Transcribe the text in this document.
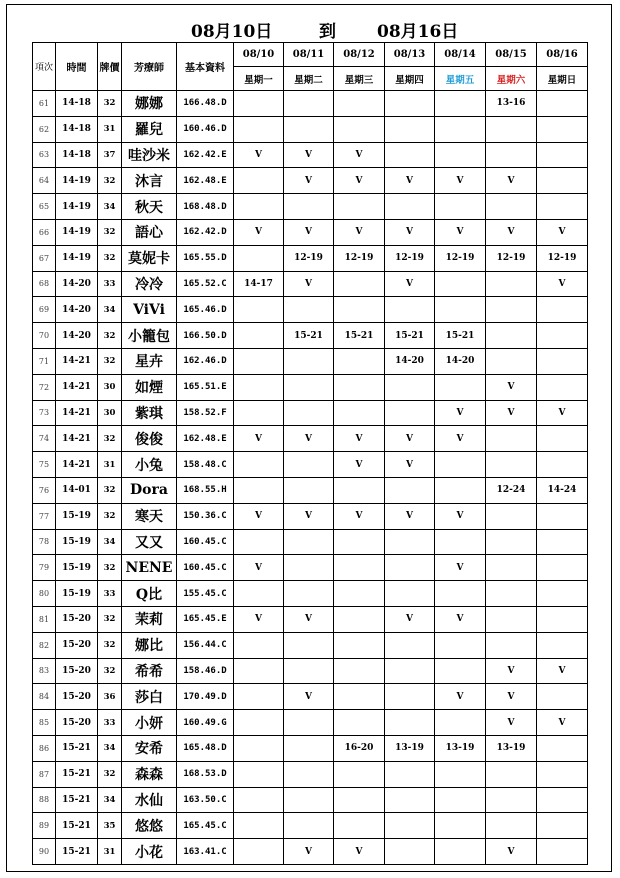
08月10日	到 08月16日
項次	時間	牌價	芳療師	基本資料	08/10	08/11	08/12	08/13	08/14	08/15	08/16
					星期一	星期二	星期三	星期四	星期五	星期六	星期日
61	14-18	32	娜娜	166.48.D						13-16	
62	14-18	31	羅兒	160.46.D							
63	14-18	37	哇沙米	162.42.E	V	V	V				
64	14-19	32	沐言	162.48.E		V	V	V	V	V	
65	14-19	34	秋天	168.48.D							
66	14-19	32	語心	162.42.D	V	V	V	V	V	V	V
67	14-19	32	莫妮卡	165.55.D		12-19	12-19	12-19	12-19	12-19	12-19
68	14-20	33	冷冷	165.52.C	14-17	V		V			V
69	14-20	34	ViVi	165.46.D							
70	14-20	32	小籠包	166.50.D		15-21	15-21	15-21	15-21		
71	14-21	32	星卉	162.46.D				14-20	14-20		
72	14-21	30	如煙	165.51.E						V	
73	14-21	30	紫琪	158.52.F					V	V	V
74	14-21	32	俊俊	162.48.E	V	V	V	V	V		
75	14-21	31	小兔	158.48.C			V	V			
76	14-01	32	Dora	168.55.H						12-24	14-24
77	15-19	32	寒天	150.36.C	V	V	V	V	V		
78	15-19	34	又又	160.45.C							
79	15-19	32	NENE	160.45.C	V				V		
80	15-19	33	Q比	155.45.C							
81	15-20	32	茉莉	165.45.E	V	V		V	V		
82	15-20	32	娜比	156.44.C							
83	15-20	32	希希	158.46.D						V	V
84	15-20	36	莎白	170.49.D		V			V	V	
85	15-20	33	小妍	160.49.G						V	V
86	15-21	34	安希	165.48.D			16-20	13-19	13-19	13-19	
87	15-21	32	森森	168.53.D							
88	15-21	34	水仙	163.50.C							
89	15-21	35	悠悠	165.45.C							
90	15-21	31	小花	163.41.C		V	V			V	
